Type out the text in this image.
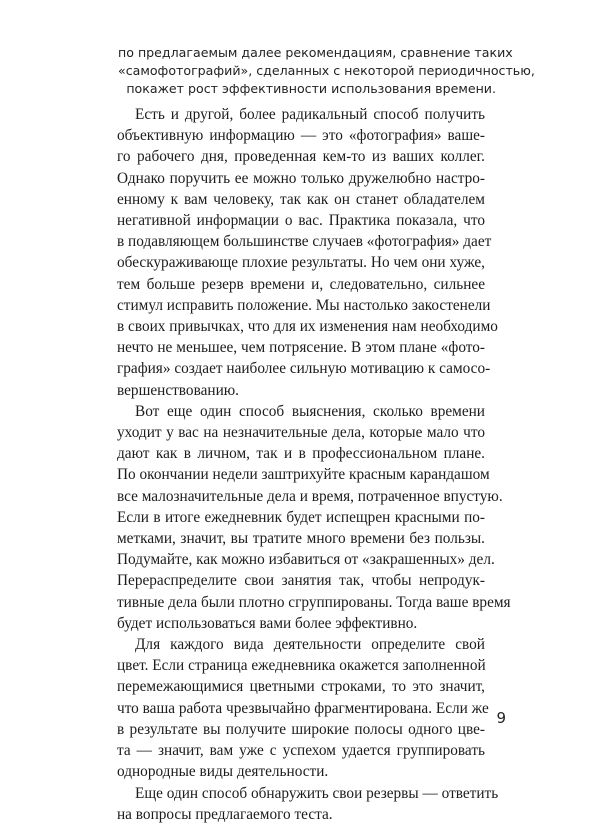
по предлагаемым далее рекомендациям, сравнение таких
«самофотографий», сделанных с некоторой периодичностью,
покажет рост эффективности использования времени.
Есть и другой, более радикальный способ получить
объективную информацию — это «фотография» ваше-
го рабочего дня, проведенная кем-то из ваших коллег.
Однако поручить ее можно только дружелюбно настро-
енному к вам человеку, так как он станет обладателем
негативной информации о вас. Практика показала, что
в подавляющем большинстве случаев «фотография» дает
обескураживающе плохие результаты. Но чем они хуже,
тем больше резерв времени и, следовательно, сильнее
стимул исправить положение. Мы настолько закостенели
в своих привычках, что для их изменения нам необходимо
нечто не меньшее, чем потрясение. В этом плане «фото-
графия» создает наиболее сильную мотивацию к самосо-
вершенствованию.
Вот еще один способ выяснения, сколько времени
уходит у вас на незначительные дела, которые мало что
дают как в личном, так и в профессиональном плане.
По окончании недели заштрихуйте красным карандашом
все малозначительные дела и время, потраченное впустую.
Если в итоге ежедневник будет испещрен красными по-
метками, значит, вы тратите много времени без пользы.
Подумайте, как можно избавиться от «закрашенных» дел.
Перераспределите свои занятия так, чтобы непродук-
тивные дела были плотно сгруппированы. Тогда ваше время
будет использоваться вами более эффективно.
Для каждого вида деятельности определите свой
цвет. Если страница ежедневника окажется заполненной
перемежающимися цветными строками, то это значит,
что ваша работа чрезвычайно фрагментирована. Если же
в результате вы получите широкие полосы одного цве-
та — значит, вам уже с успехом удается группировать
однородные виды деятельности.
Еще один способ обнаружить свои резервы — ответить
на вопросы предлагаемого теста.
9
